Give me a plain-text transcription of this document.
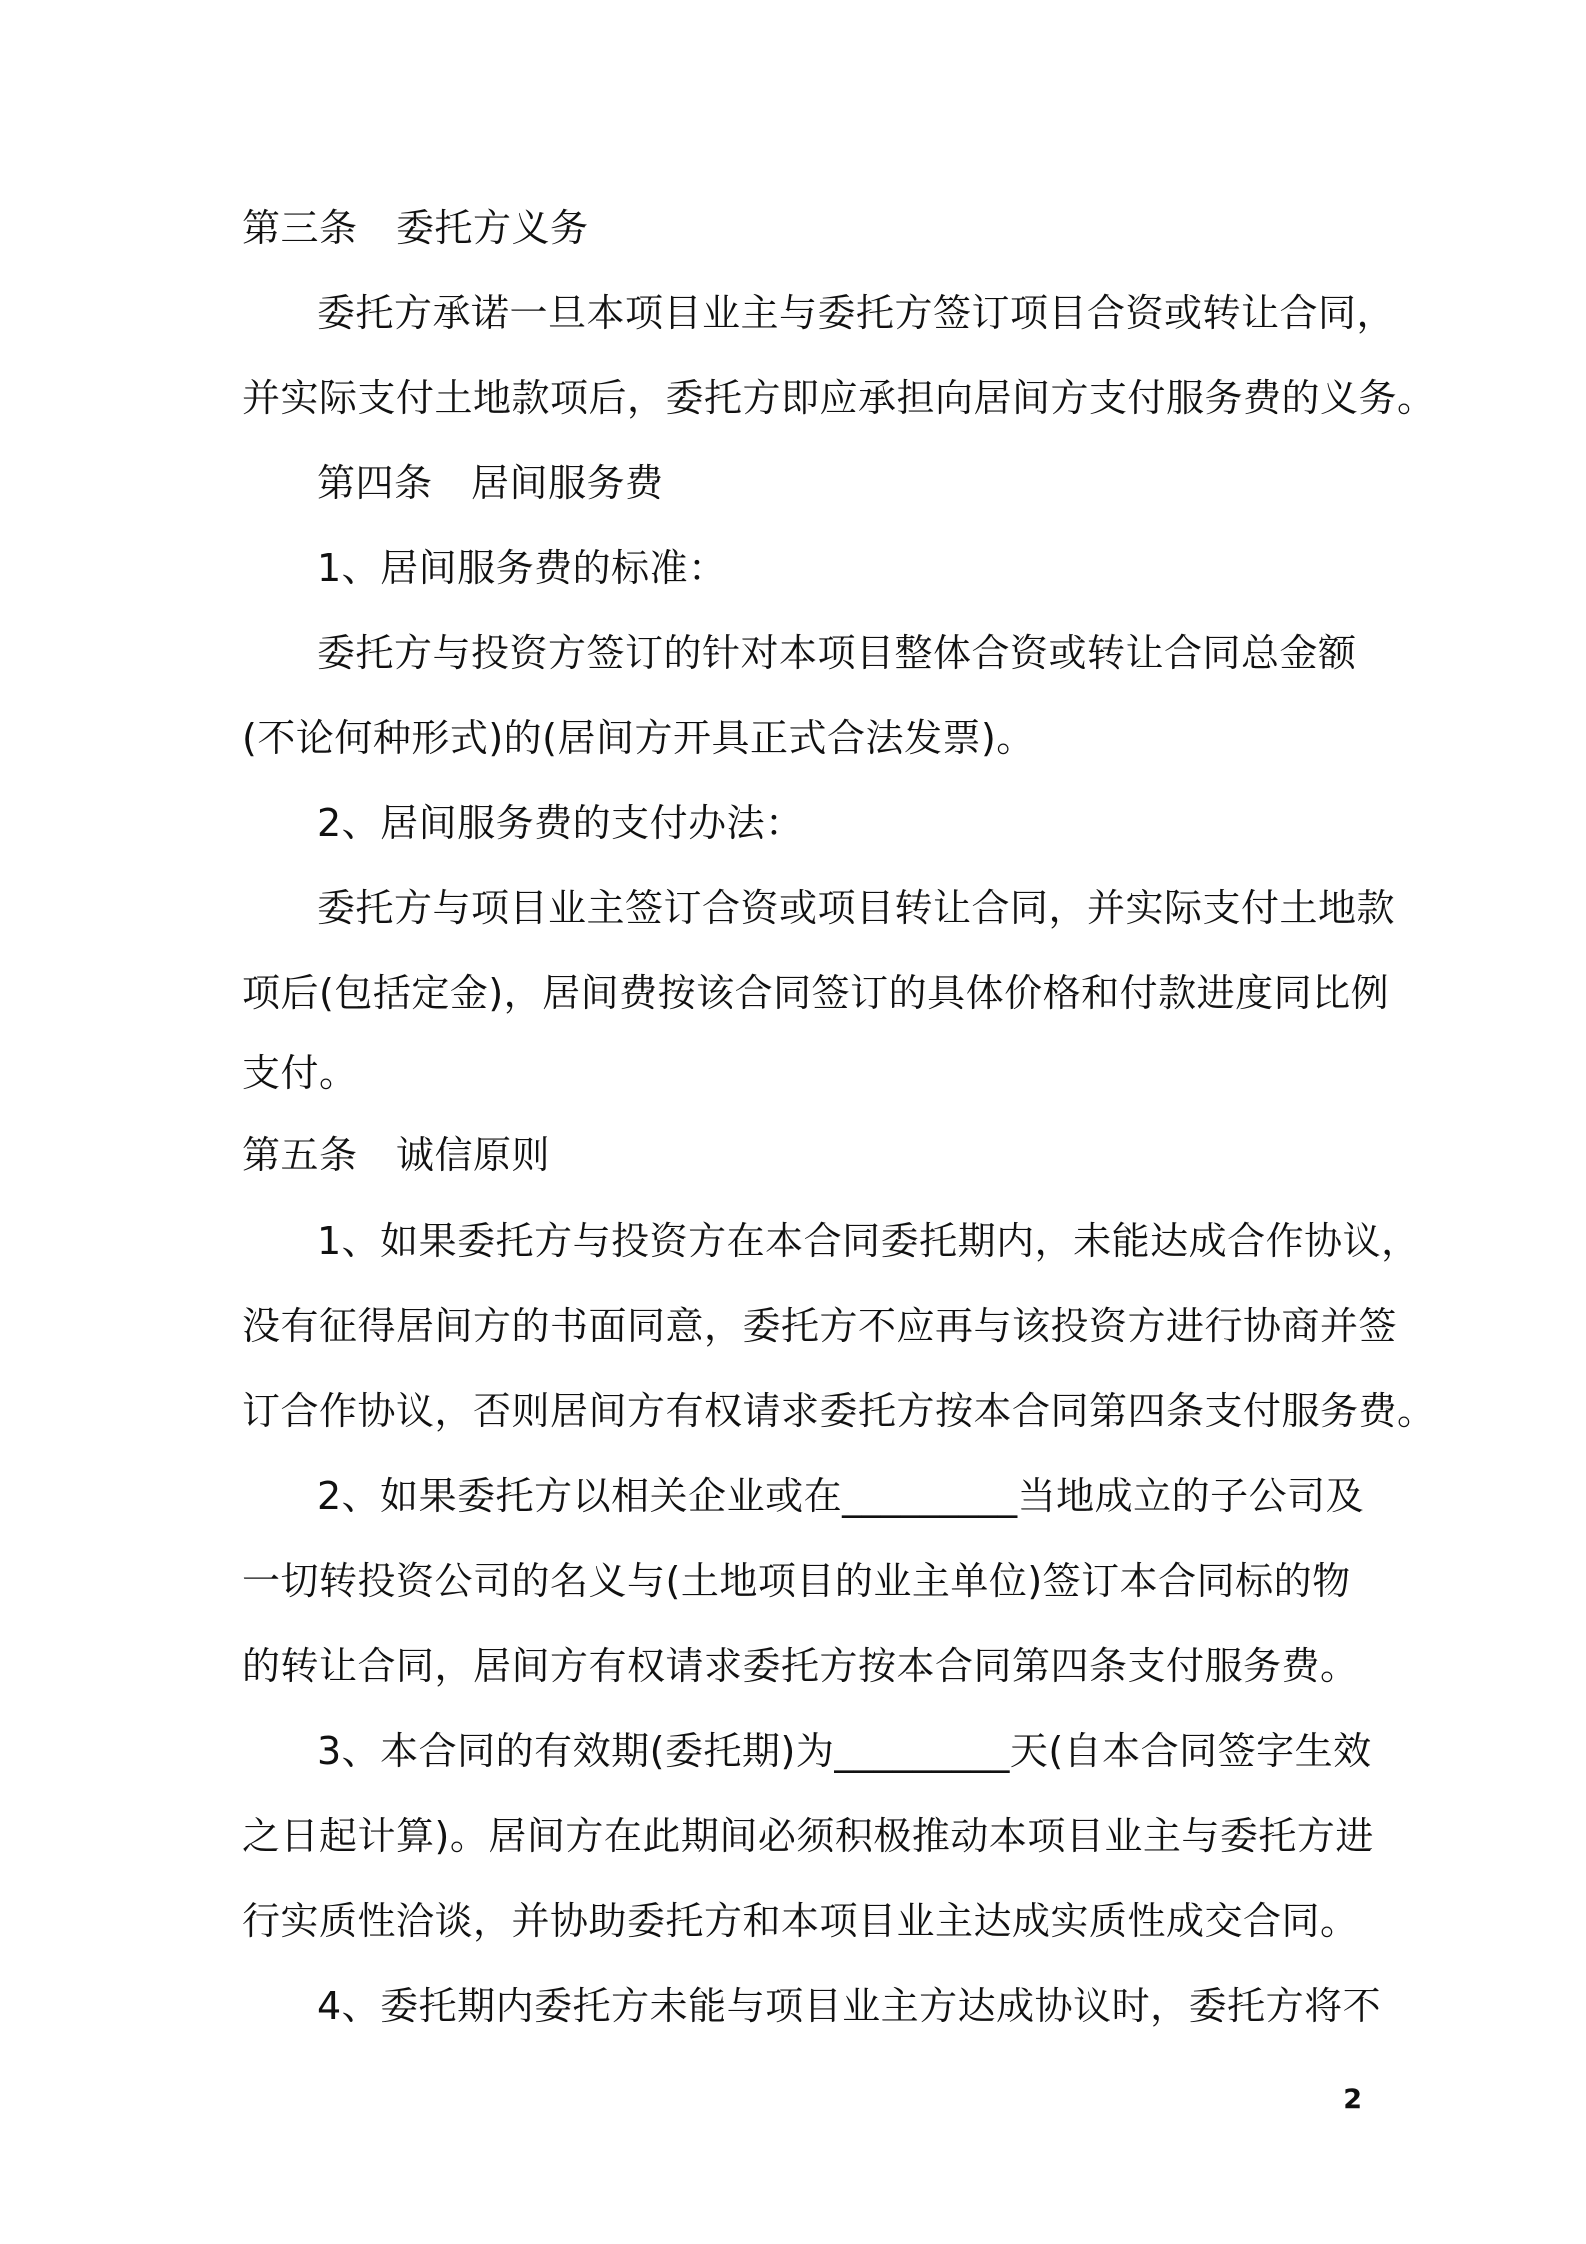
第三条　委托方义务
委托方承诺一旦本项目业主与委托方签订项目合资或转让合同，
并实际支付土地款项后，委托方即应承担向居间方支付服务费的义务。
第四条　居间服务费
1、居间服务费的标准：
委托方与投资方签订的针对本项目整体合资或转让合同总金额
(不论何种形式)的(居间方开具正式合法发票)。
2、居间服务费的支付办法：
委托方与项目业主签订合资或项目转让合同，并实际支付土地款
项后(包括定金)，居间费按该合同签订的具体价格和付款进度同比例
支付。
第五条　诚信原则
1、如果委托方与投资方在本合同委托期内，未能达成合作协议，
没有征得居间方的书面同意，委托方不应再与该投资方进行协商并签
订合作协议，否则居间方有权请求委托方按本合同第四条支付服务费。
2、如果委托方以相关企业或在_________当地成立的子公司及
一切转投资公司的名义与(土地项目的业主单位)签订本合同标的物
的转让合同，居间方有权请求委托方按本合同第四条支付服务费。
3、本合同的有效期(委托期)为_________天(自本合同签字生效
之日起计算)。居间方在此期间必须积极推动本项目业主与委托方进
行实质性洽谈，并协助委托方和本项目业主达成实质性成交合同。
4、委托期内委托方未能与项目业主方达成协议时，委托方将不
2
